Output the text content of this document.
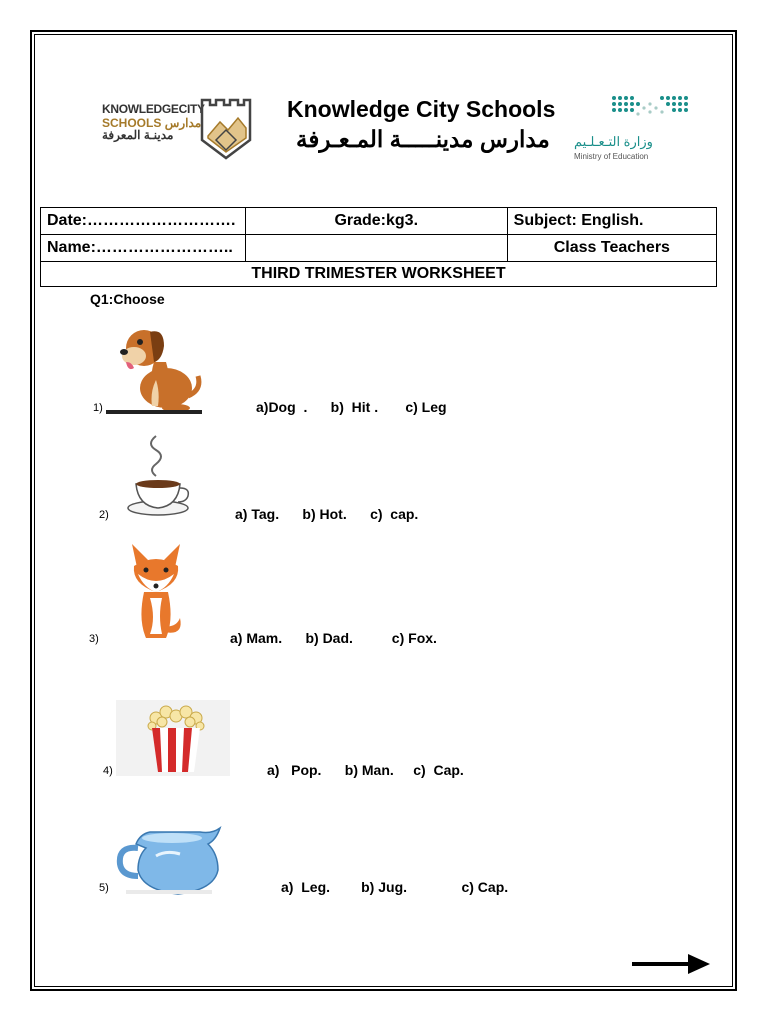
KNOWLEDGECITY
SCHOOLS مدارس
مدينـة المعرفة
Knowledge City Schools
مدارس مدينـــــة المـعـرفة وزارة التـعـلـيم
Ministry of Education
Date:……………………….	Grade:kg3.	Subject: English.
Name:……………………..		Class Teachers
THIRD TRIMESTER WORKSHEET		
Q1:Choose
1)	a)Dog  .      b)  Hit .       c) Leg
2)	a) Tag.      b) Hot.      c)  cap.
3)	a) Mam.      b) Dad.          c) Fox.
4)	a)   Pop.      b) Man.     c)  Cap.
5)	a)  Leg.        b) Jug.              c) Cap.
